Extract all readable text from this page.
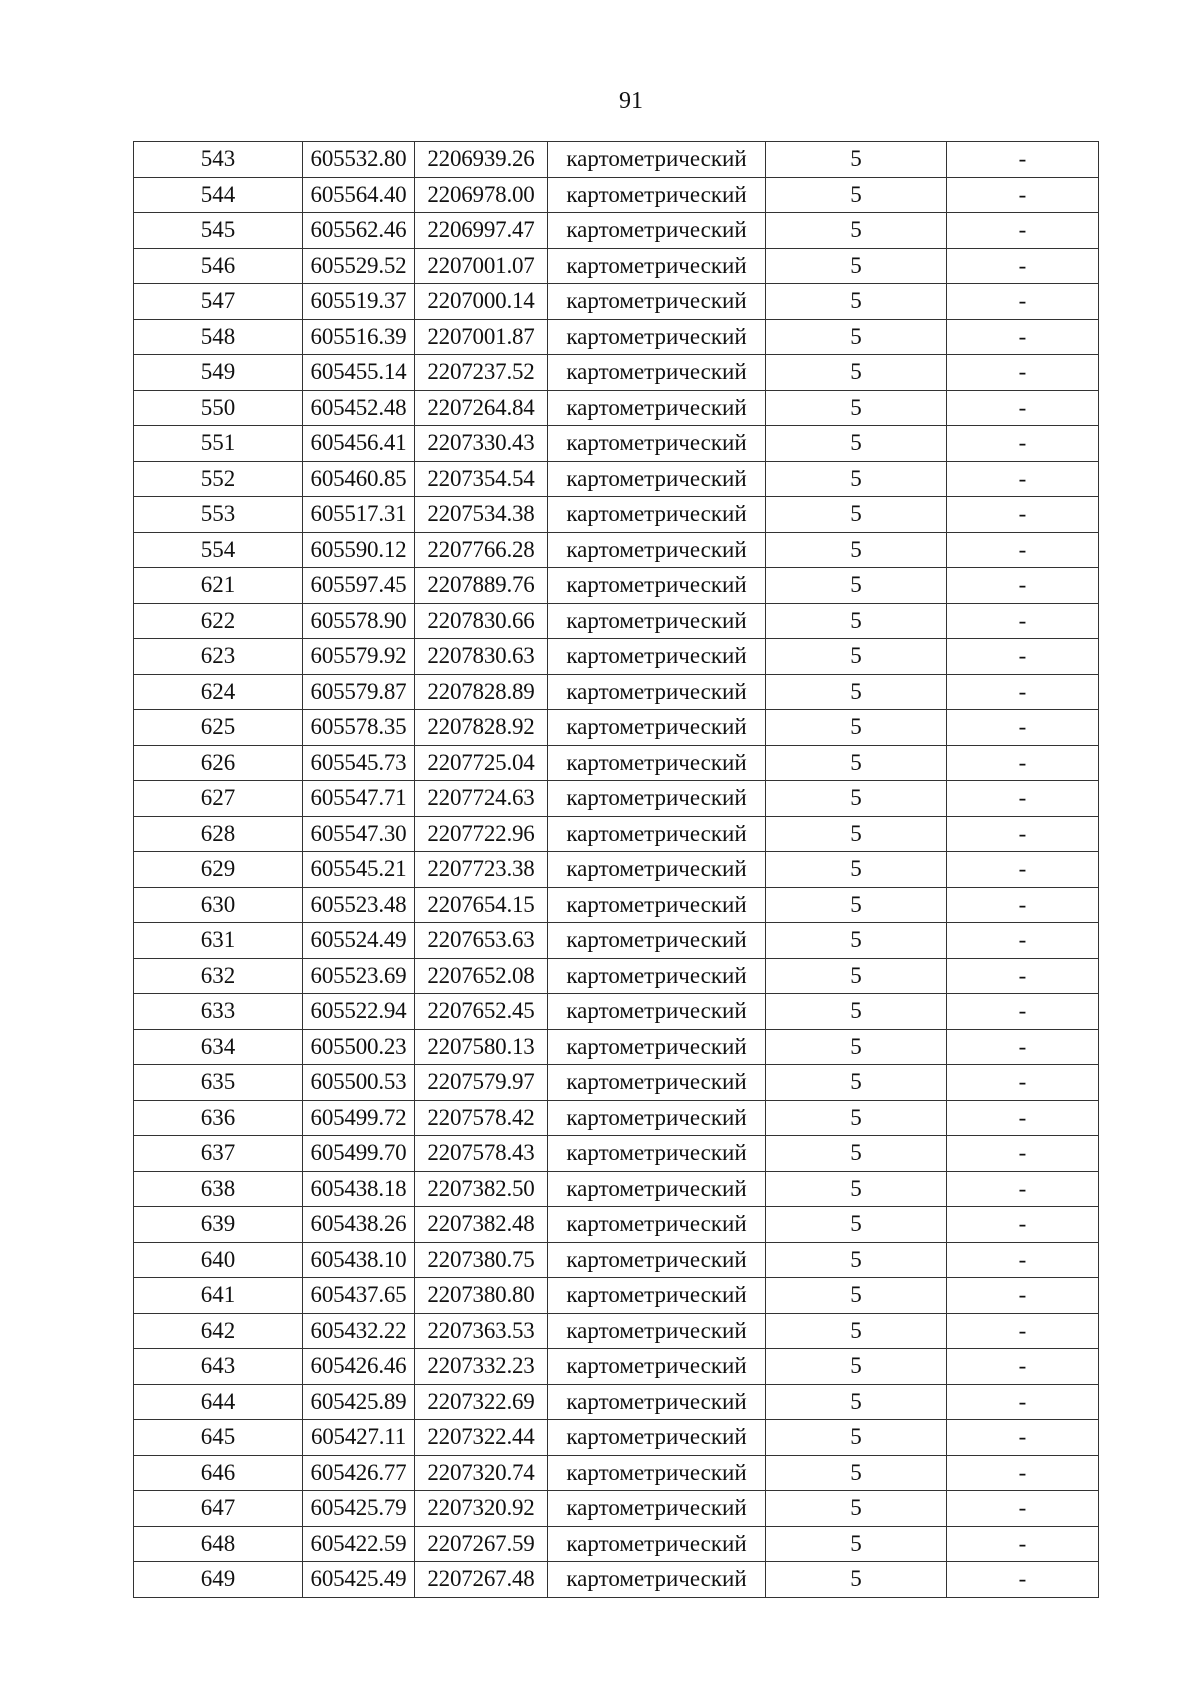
91
543	605532.80	2206939.26	картометрический	5	-
544	605564.40	2206978.00	картометрический	5	-
545	605562.46	2206997.47	картометрический	5	-
546	605529.52	2207001.07	картометрический	5	-
547	605519.37	2207000.14	картометрический	5	-
548	605516.39	2207001.87	картометрический	5	-
549	605455.14	2207237.52	картометрический	5	-
550	605452.48	2207264.84	картометрический	5	-
551	605456.41	2207330.43	картометрический	5	-
552	605460.85	2207354.54	картометрический	5	-
553	605517.31	2207534.38	картометрический	5	-
554	605590.12	2207766.28	картометрический	5	-
621	605597.45	2207889.76	картометрический	5	-
622	605578.90	2207830.66	картометрический	5	-
623	605579.92	2207830.63	картометрический	5	-
624	605579.87	2207828.89	картометрический	5	-
625	605578.35	2207828.92	картометрический	5	-
626	605545.73	2207725.04	картометрический	5	-
627	605547.71	2207724.63	картометрический	5	-
628	605547.30	2207722.96	картометрический	5	-
629	605545.21	2207723.38	картометрический	5	-
630	605523.48	2207654.15	картометрический	5	-
631	605524.49	2207653.63	картометрический	5	-
632	605523.69	2207652.08	картометрический	5	-
633	605522.94	2207652.45	картометрический	5	-
634	605500.23	2207580.13	картометрический	5	-
635	605500.53	2207579.97	картометрический	5	-
636	605499.72	2207578.42	картометрический	5	-
637	605499.70	2207578.43	картометрический	5	-
638	605438.18	2207382.50	картометрический	5	-
639	605438.26	2207382.48	картометрический	5	-
640	605438.10	2207380.75	картометрический	5	-
641	605437.65	2207380.80	картометрический	5	-
642	605432.22	2207363.53	картометрический	5	-
643	605426.46	2207332.23	картометрический	5	-
644	605425.89	2207322.69	картометрический	5	-
645	605427.11	2207322.44	картометрический	5	-
646	605426.77	2207320.74	картометрический	5	-
647	605425.79	2207320.92	картометрический	5	-
648	605422.59	2207267.59	картометрический	5	-
649	605425.49	2207267.48	картометрический	5	-
